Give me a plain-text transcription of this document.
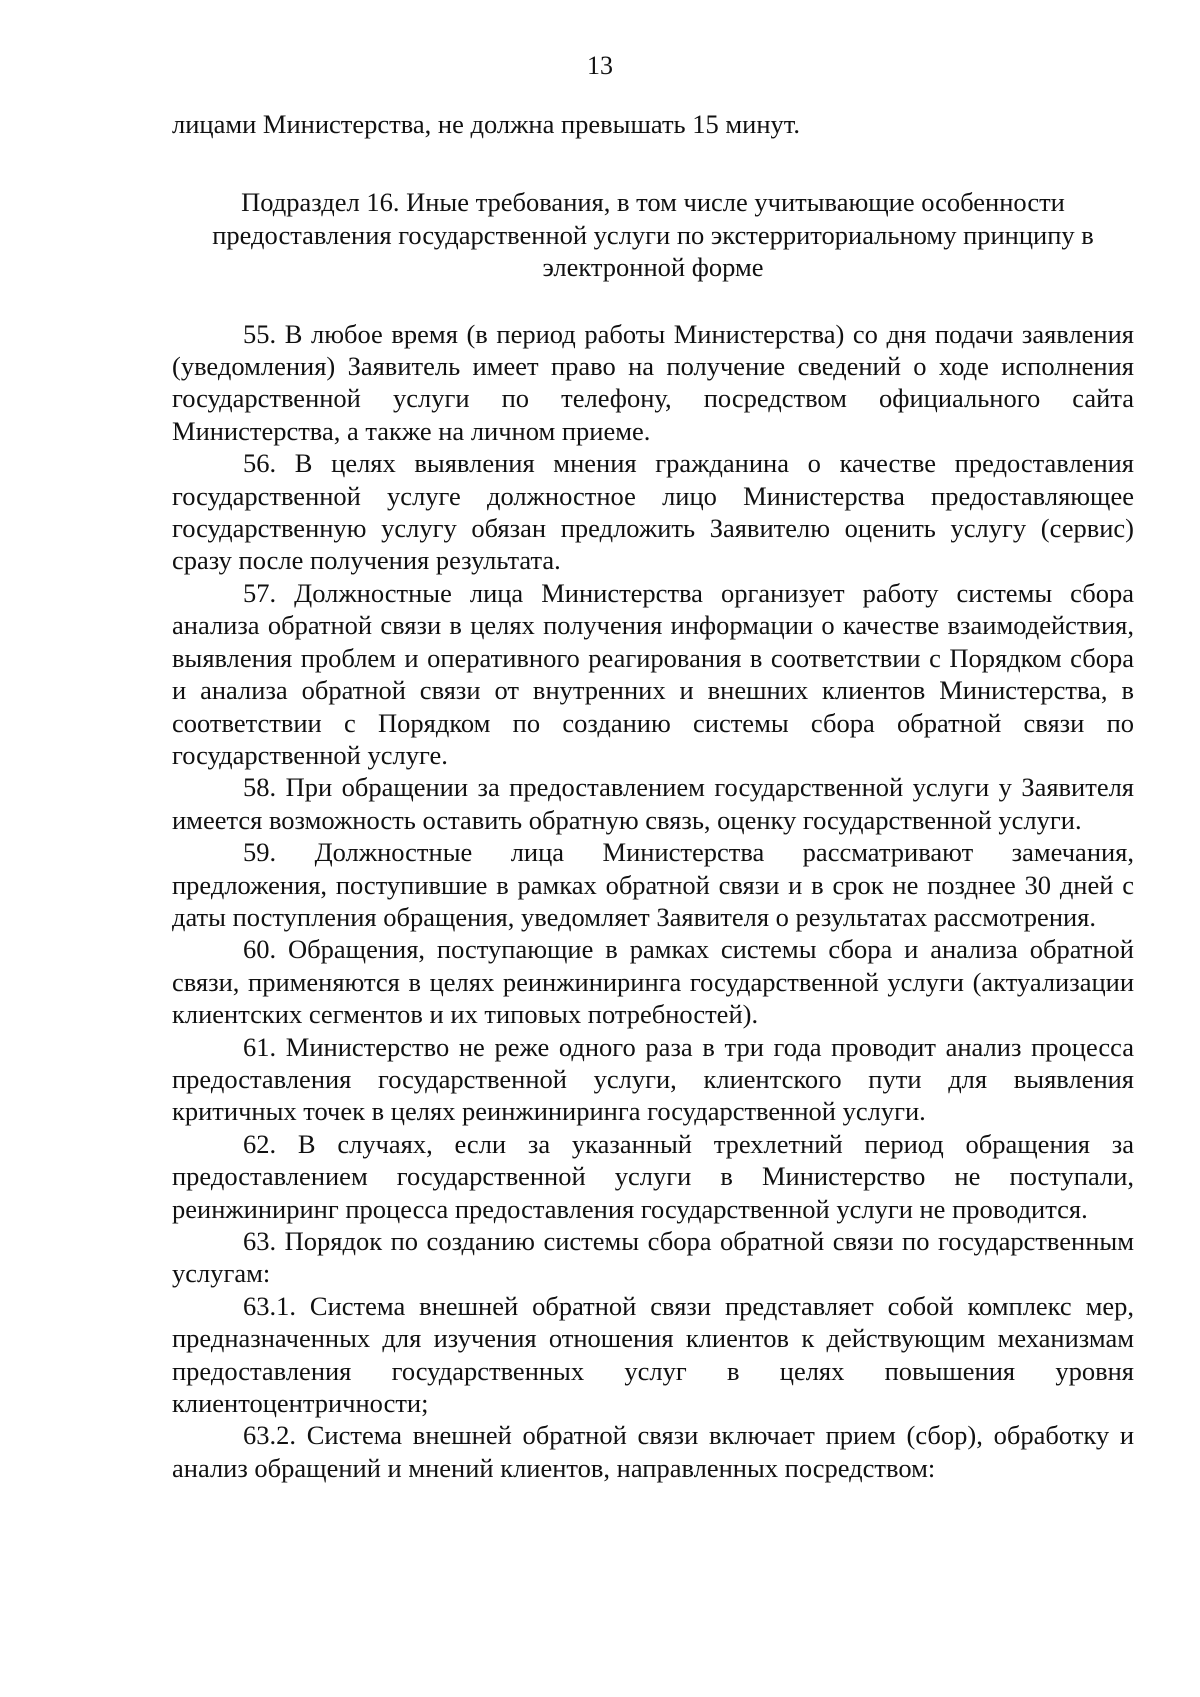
13

лицами Министерства, не должна превышать 15 минут.

Подраздел 16. Иные требования, в том числе учитывающие особенности предоставления государственной услуги по экстерриториальному принципу в электронной форме

55. В любое время (в период работы Министерства) со дня подачи заявления (уведомления) Заявитель имеет право на получение сведений о ходе исполнения государственной услуги по телефону, посредством официального сайта Министерства, а также на личном приеме.

56. В целях выявления мнения гражданина о качестве предоставления государственной услуге должностное лицо Министерства предоставляющее государственную услугу обязан предложить Заявителю оценить услугу (сервис) сразу после получения результата.

57. Должностные лица Министерства организует работу системы сбора анализа обратной связи в целях получения информации о качестве взаимодействия, выявления проблем и оперативного реагирования в соответствии с Порядком сбора и анализа обратной связи от внутренних и внешних клиентов Министерства, в соответствии с Порядком по созданию системы сбора обратной связи по государственной услуге.

58. При обращении за предоставлением государственной услуги у Заявителя имеется возможность оставить обратную связь, оценку государственной услуги.

59. Должностные лица Министерства рассматривают замечания, предложения, поступившие в рамках обратной связи и в срок не позднее 30 дней с даты поступления обращения, уведомляет Заявителя о результатах рассмотрения.

60. Обращения, поступающие в рамках системы сбора и анализа обратной связи, применяются в целях реинжиниринга государственной услуги (актуализации клиентских сегментов и их типовых потребностей).

61. Министерство не реже одного раза в три года проводит анализ процесса предоставления государственной услуги, клиентского пути для выявления критичных точек в целях реинжиниринга государственной услуги.

62. В случаях, если за указанный трехлетний период обращения за предоставлением государственной услуги в Министерство не поступали, реинжиниринг процесса предоставления государственной услуги не проводится.

63. Порядок по созданию системы сбора обратной связи по государственным услугам:

63.1. Система внешней обратной связи представляет собой комплекс мер, предназначенных для изучения отношения клиентов к действующим механизмам предоставления государственных услуг в целях повышения уровня клиентоцентричности;

63.2. Система внешней обратной связи включает прием (сбор), обработку и анализ обращений и мнений клиентов, направленных посредством:
